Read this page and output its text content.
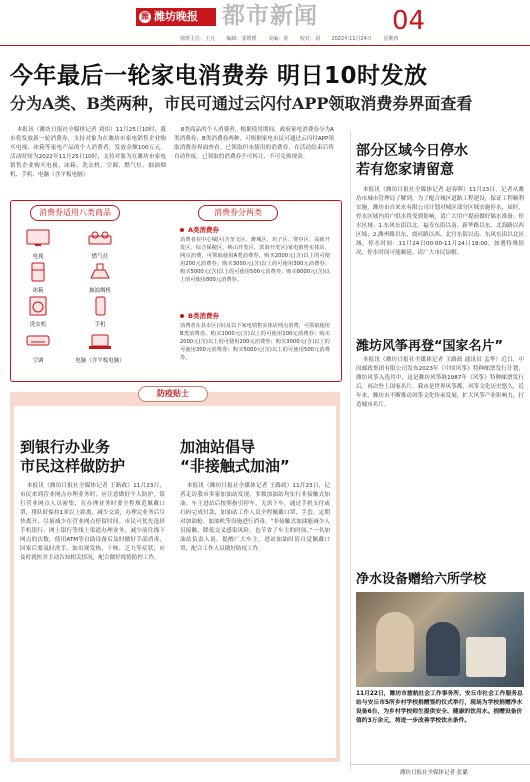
潍 潍坊晚报	都市新闻	04
值班主任：王凡 编辑：张媛媛 美编：黄 校对：刘 2022年11月24日 星期四
今年最后一轮家电消费券 明日10时发放
分为A类、B类两种，市民可通过云闪付APP领取消费券界面查看

本报讯（潍坊日报社全媒体记者 刘伟）11月25日10时，我市将发放新一轮消费券，支持对象为在潍坊市家电销售企业购买电视、冰箱等家电产品的个人消费者，发放金额100万元。活动时间为2022年11月25日10时，支持对象为在潍坊市家电销售企业购买电视、冰箱、洗衣机、空调、燃气灶、抽油烟机、手机、电脑（含平板电脑）

8类商品的个人消费者。根据使用期间，政府家电消费券分为A类消费券，B类消费券两种，可根据家电市民可通过云闪付APP领取消费券界面查看。已领取但未使用的消费券，在活动结束后将自动作废。已领取的消费券不可转让、不可兑换现金。

消费券适用八类商品	消费券分两类
电视	燃气灶
冰箱	抽油烟机
洗衣机	手机
空调	电脑（含平板电脑）
A类消费券
消费者在中心城区(含奎文区、潍城区、坊子区、寒亭区、高新开发区、综合保税区、峡山开发区、滨海开发区)家电销售实体店、网点消费，可领取使用A类消费券。购买2000元(含)以上的可使用200元消费券；购买3000元(含)以上的可使用300元消费券；购买5000元(含)以上的可使用500元消费券；购买8000元(含)以上的可使用800元消费券。
B类消费券
消费者在县市区(市)及以下家电销售实体店网点消费，可领取使用B类消费券。购买1000元(含)以上的可使用100元消费券；购买2000元(含)以上的可使用200元消费券；购买3000元(含)以上的可使用300元消费券；购买5000元(含)以上的可使用500元消费券。
防疫贴士
到银行办业务
市民这样做防护

本报讯（潍坊日报社全媒体记者 王路政）11月23日，市民来到营业网点办理业务时，应注意做好个人防护。银行营业网点人员密集，在办理业务时要全程规范佩戴口罩，排队时保持1米以上距离，减少交谈，办理完业务后尽快离开，尽量减少在营业网点停留时间。市民可优先选择手机银行、网上银行等线上渠道办理业务，减少前往线下网点的次数。使用ATM等自助设备后及时做好手部消毒，回家后要及时洗手，如出现发热、干咳、乏力等症状，应及时就医并主动告知相关情况，配合做好疫情防控工作。

加油站倡导
“非接触式加油”

本报讯（潍坊日报社全媒体记者 王路政）11月23日，记者走访我市多家加油站发现，多数加油站均实行非接触式加油。车主进站后按照指引停车，无需下车，通过手机支付或扫码完成付款，加油站工作人员全程佩戴口罩、手套，定期对加油枪、加油机等设施进行消毒。“非接触式加油能减少人员接触，降低交叉感染风险，也节省了车主的时间。”一名加油站负责人说。提醒广大车主，进站加油时请自觉佩戴口罩，配合工作人员做好防疫工作。

部分区域今日停水
若有您家请留意

本报讯（潍坊日报社全媒体记者 赵春晖）11月23日，记者从潍坊市城市管理局了解到，为了配合城区道路工程建设，保证工程顺利实施，潍坊市自来水有限公司计划对城区部分区域实施停水，届时，停水区域内用户供水将受到影响，请广大用户提前做好储水准备。停水区域：1.东风东街以北、福寿东街以南、新华路以东、北海路以西区域；2.潍州路以东、虞河路以西、北宫东街以南、东风东街以北区域。停水时间：11月24日00:00-11月24日18:00。如遇特殊情况，停水时间可能顺延，请广大市民谅解。

潍坊风筝再登“国家名片”

本报讯（潍坊日报社全媒体记者 王路政 通讯员 孟华）近日，中国邮政集团有限公司发布2023年《中国风筝》特种邮票发行计划，潍坊风筝入选其中，这是潍坊风筝继1987年《风筝》特种邮票发行后，再次登上国家名片。我市是世界风筝都，风筝文化历史悠久，近年来，潍坊市不断推动风筝文化传承发展，扩大风筝产业影响力，打造城市名片。

净水设备赠给六所学校
11月22日，潍坊市慈航社会工作事务所、安丘市社会工作服务总站与安丘市5所乡村学校捐赠签约仪式举行，现场为学校捐赠净水设备6台，为乡村学校师生提供安全、健康的饮用水。捐赠设备价值约3万余元，将进一步改善学校饮水条件。
潍坊日报社全媒体记者 张璐
